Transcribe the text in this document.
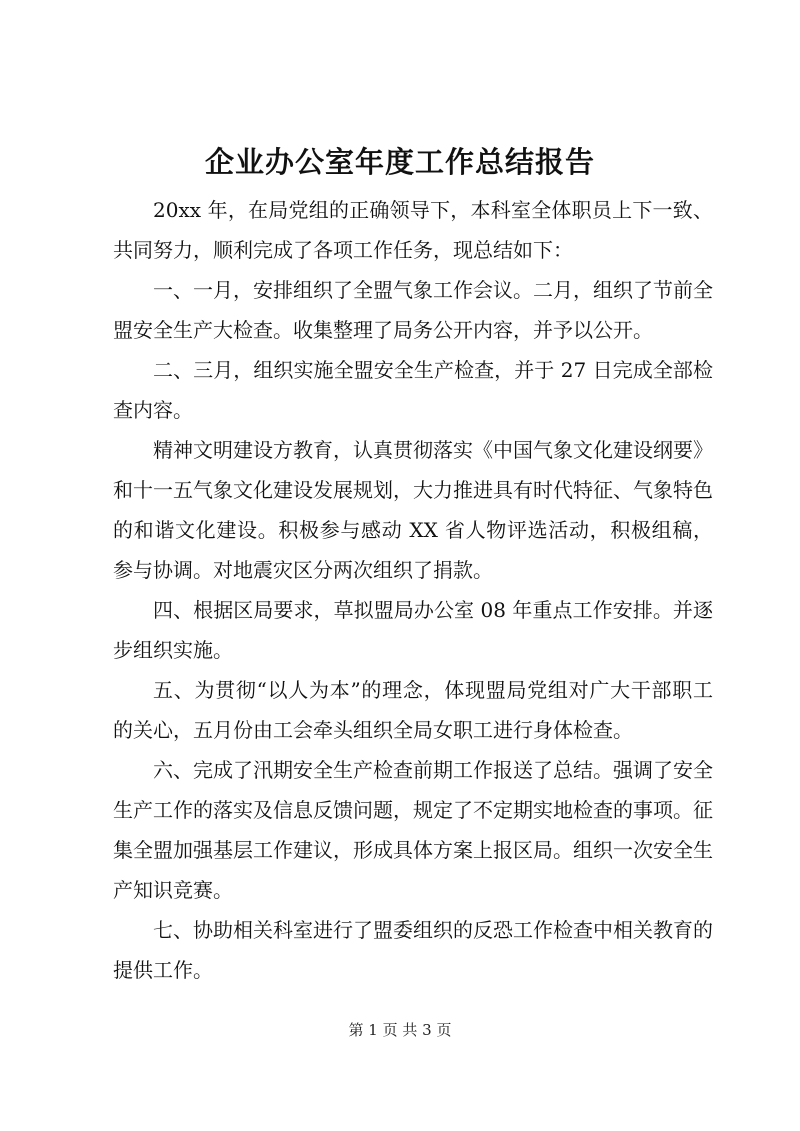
企业办公室年度工作总结报告

20xx 年，在局党组的正确领导下，本科室全体职员上下一致、共同努力，顺利完成了各项工作任务，现总结如下：

一、一月，安排组织了全盟气象工作会议。二月，组织了节前全盟安全生产大检查。收集整理了局务公开内容，并予以公开。

二、三月，组织实施全盟安全生产检查，并于 27 日完成全部检查内容。

精神文明建设方教育，认真贯彻落实《中国气象文化建设纲要》和十一五气象文化建设发展规划，大力推进具有时代特征、气象特色的和谐文化建设。积极参与感动 XX 省人物评选活动，积极组稿，参与协调。对地震灾区分两次组织了捐款。

四、根据区局要求，草拟盟局办公室 08 年重点工作安排。并逐步组织实施。

五、为贯彻“以人为本”的理念，体现盟局党组对广大干部职工的关心，五月份由工会牵头组织全局女职工进行身体检查。

六、完成了汛期安全生产检查前期工作报送了总结。强调了安全生产工作的落实及信息反馈问题，规定了不定期实地检查的事项。征集全盟加强基层工作建议，形成具体方案上报区局。组织一次安全生产知识竞赛。

七、协助相关科室进行了盟委组织的反恐工作检查中相关教育的提供工作。

第 1 页 共 3 页
